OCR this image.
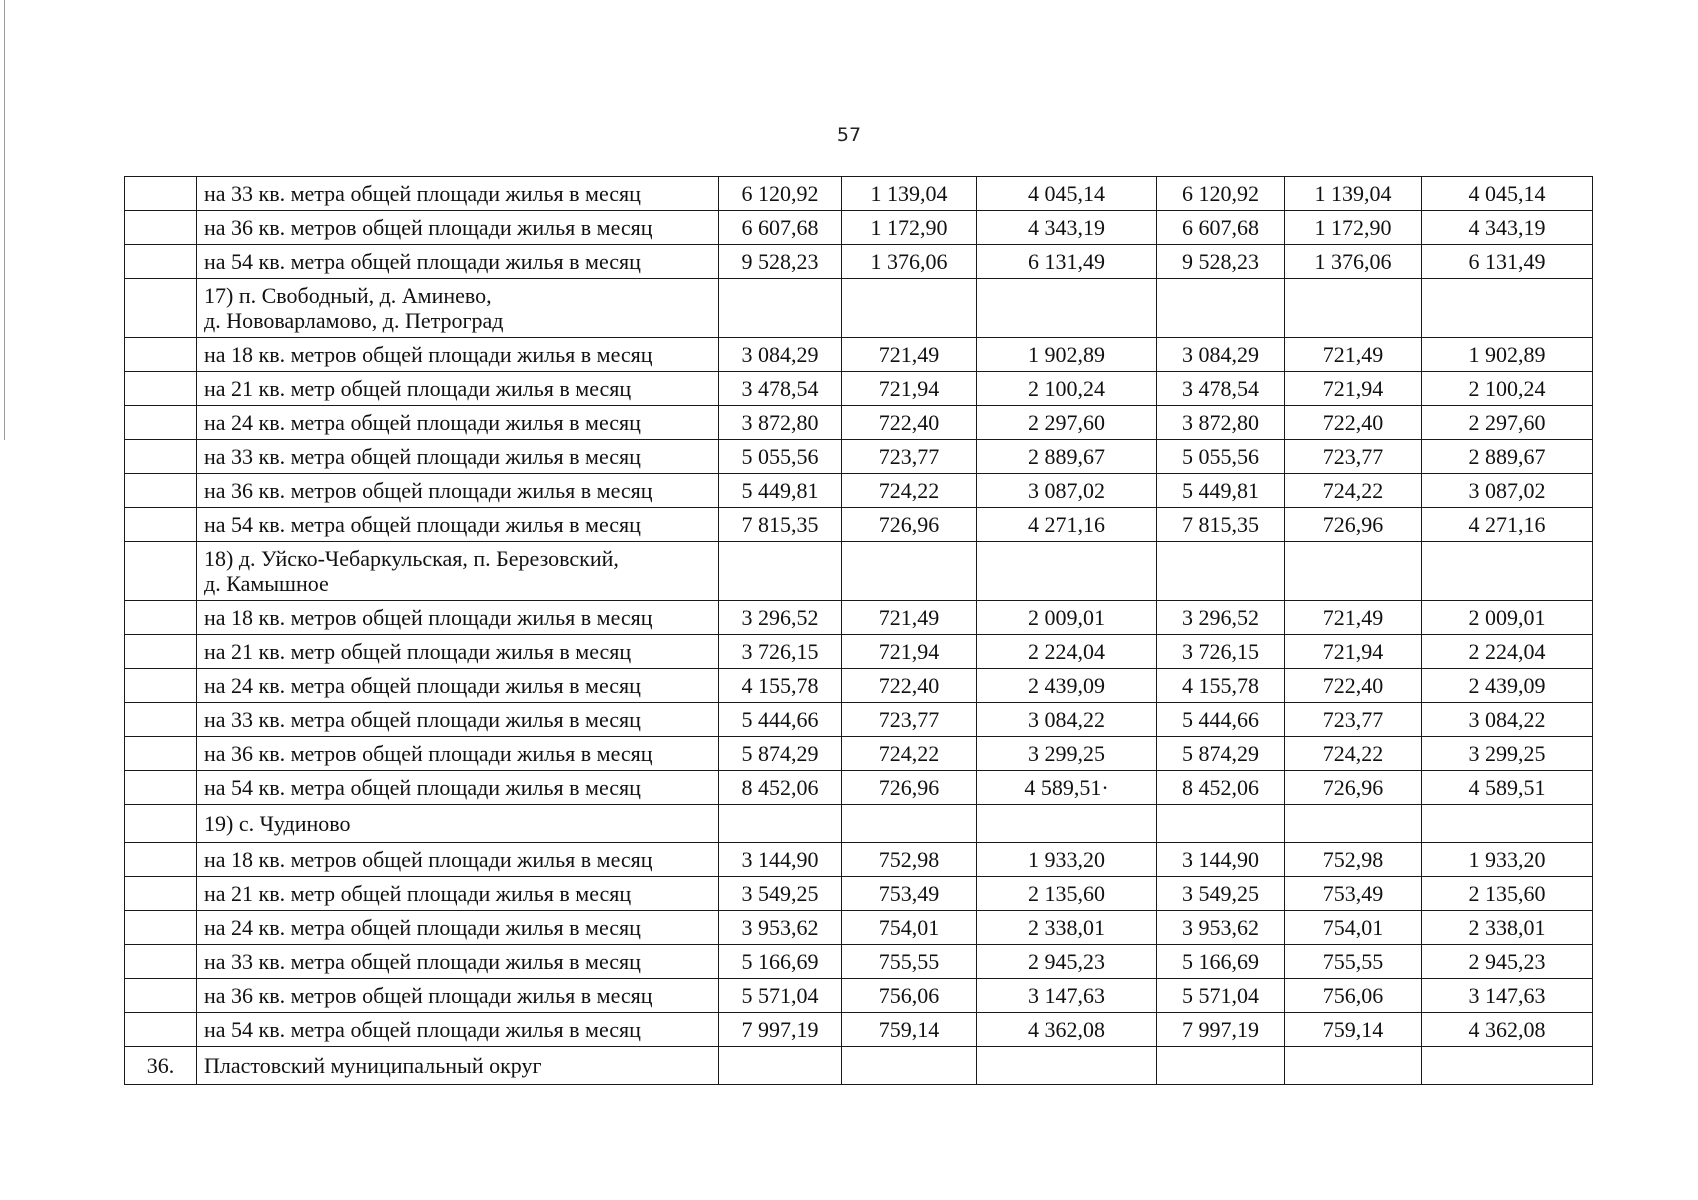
57
	на 33 кв. метра общей площади жилья в месяц	6 120,92	1 139,04	4 045,14	6 120,92	1 139,04	4 045,14
	на 36 кв. метров общей площади жилья в месяц	6 607,68	1 172,90	4 343,19	6 607,68	1 172,90	4 343,19
	на 54 кв. метра общей площади жилья в месяц	9 528,23	1 376,06	6 131,49	9 528,23	1 376,06	6 131,49

	17) п. Свободный, д. Аминево,
д. Нововарламово, д. Петроград						

	на 18 кв. метров общей площади жилья в месяц	3 084,29	721,49	1 902,89	3 084,29	721,49	1 902,89
	на 21 кв. метр общей площади жилья в месяц	3 478,54	721,94	2 100,24	3 478,54	721,94	2 100,24
	на 24 кв. метра общей площади жилья в месяц	3 872,80	722,40	2 297,60	3 872,80	722,40	2 297,60
	на 33 кв. метра общей площади жилья в месяц	5 055,56	723,77	2 889,67	5 055,56	723,77	2 889,67
	на 36 кв. метров общей площади жилья в месяц	5 449,81	724,22	3 087,02	5 449,81	724,22	3 087,02
	на 54 кв. метра общей площади жилья в месяц	7 815,35	726,96	4 271,16	7 815,35	726,96	4 271,16

	18) д. Уйско-Чебаркульская, п. Березовский,
д. Камышное						

	на 18 кв. метров общей площади жилья в месяц	3 296,52	721,49	2 009,01	3 296,52	721,49	2 009,01
	на 21 кв. метр общей площади жилья в месяц	3 726,15	721,94	2 224,04	3 726,15	721,94	2 224,04
	на 24 кв. метра общей площади жилья в месяц	4 155,78	722,40	2 439,09	4 155,78	722,40	2 439,09
	на 33 кв. метра общей площади жилья в месяц	5 444,66	723,77	3 084,22	5 444,66	723,77	3 084,22
	на 36 кв. метров общей площади жилья в месяц	5 874,29	724,22	3 299,25	5 874,29	724,22	3 299,25
	на 54 кв. метра общей площади жилья в месяц	8 452,06	726,96	4 589,51·	8 452,06	726,96	4 589,51

	19) с. Чудиново						

	на 18 кв. метров общей площади жилья в месяц	3 144,90	752,98	1 933,20	3 144,90	752,98	1 933,20
	на 21 кв. метр общей площади жилья в месяц	3 549,25	753,49	2 135,60	3 549,25	753,49	2 135,60
	на 24 кв. метра общей площади жилья в месяц	3 953,62	754,01	2 338,01	3 953,62	754,01	2 338,01
	на 33 кв. метра общей площади жилья в месяц	5 166,69	755,55	2 945,23	5 166,69	755,55	2 945,23
	на 36 кв. метров общей площади жилья в месяц	5 571,04	756,06	3 147,63	5 571,04	756,06	3 147,63
	на 54 кв. метра общей площади жилья в месяц	7 997,19	759,14	4 362,08	7 997,19	759,14	4 362,08
36.	Пластовский муниципальный округ						
